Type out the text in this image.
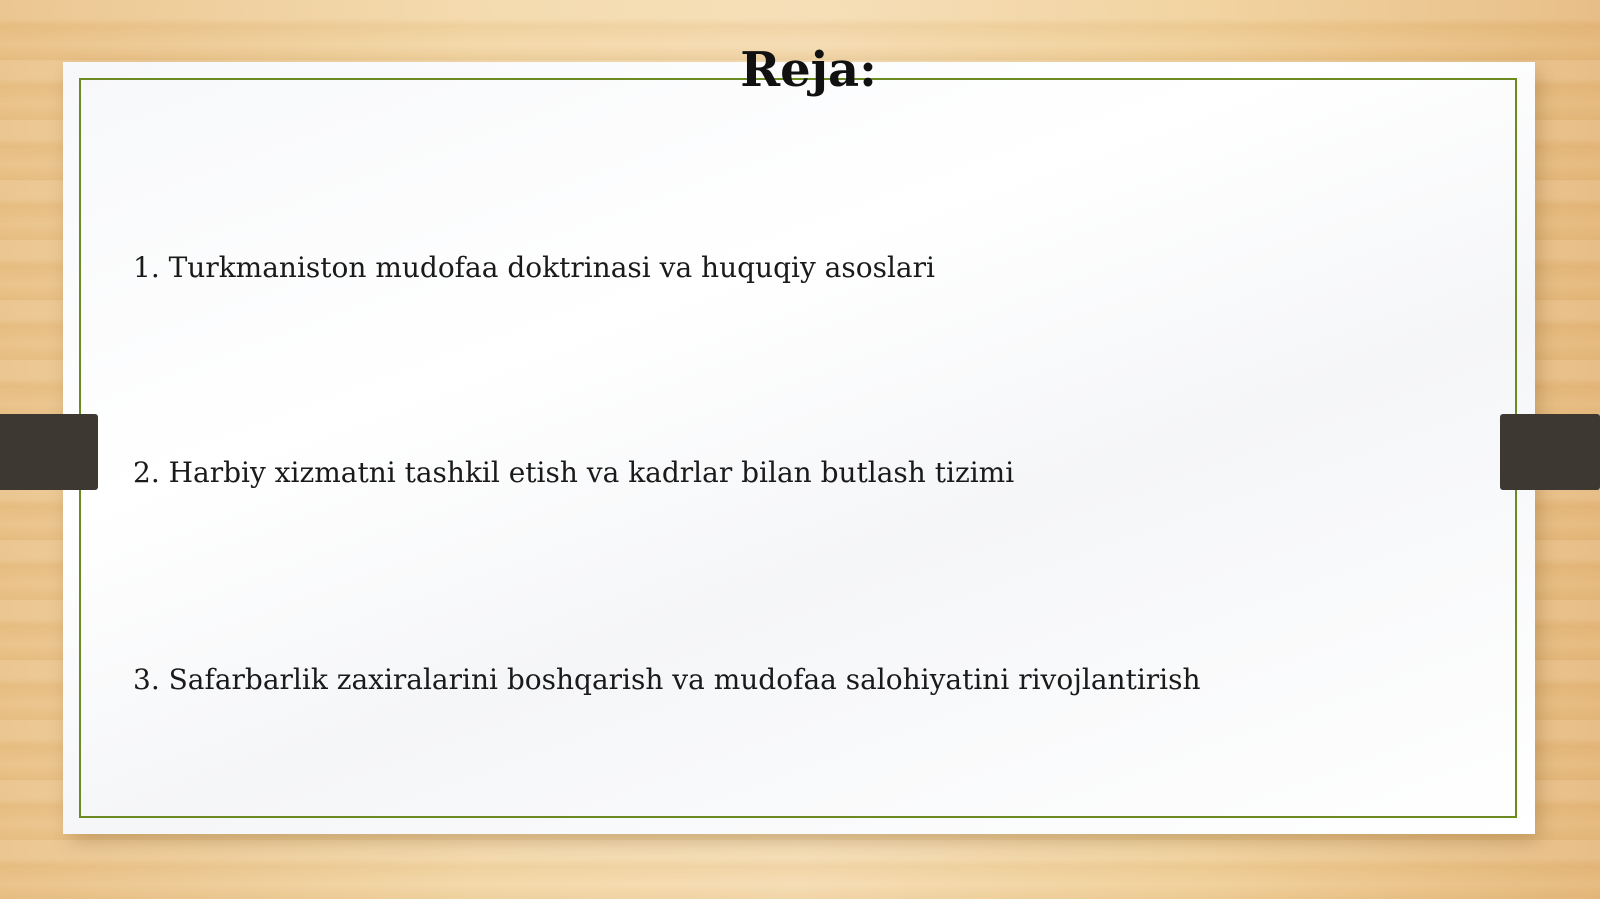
Reja:
1. Turkmaniston mudofaa doktrinasi va huquqiy asoslari
2. Harbiy xizmatni tashkil etish va kadrlar bilan butlash tizimi
3. Safarbarlik zaxiralarini boshqarish va mudofaa salohiyatini rivojlantirish
